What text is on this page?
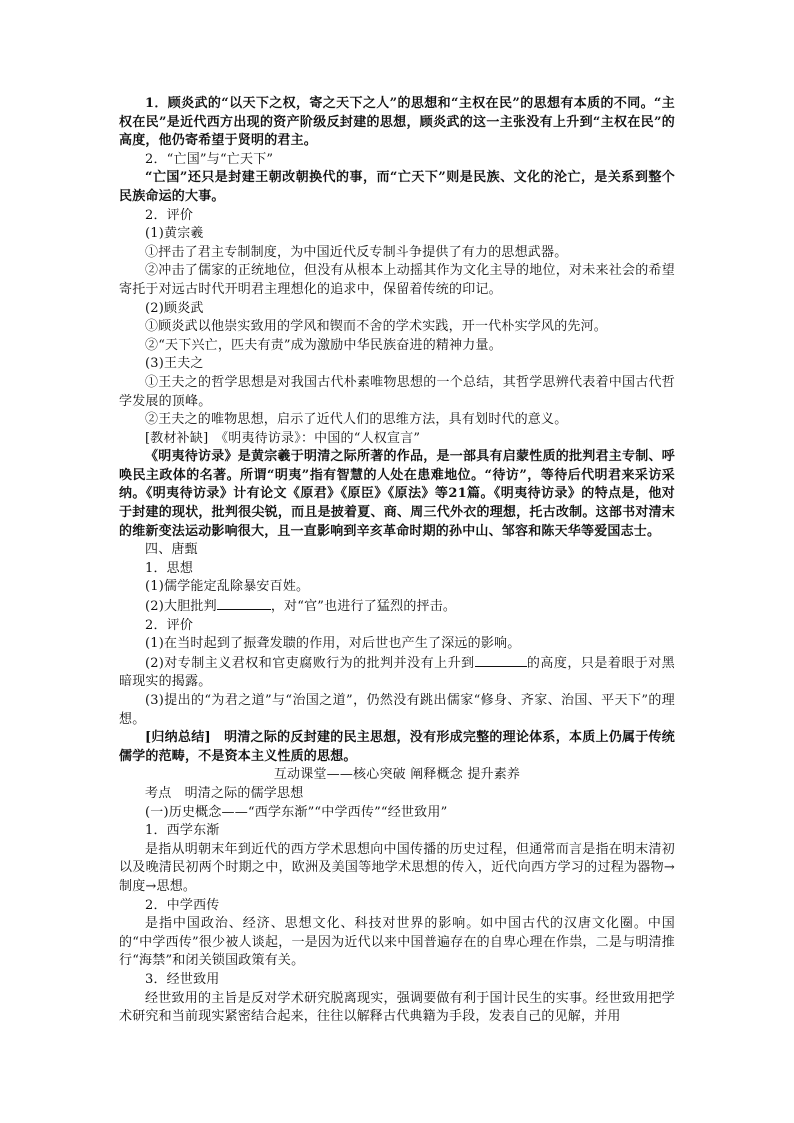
1．顾炎武的“以天下之权，寄之天下之人”的思想和“主权在民”的思想有本质的不同。“主权在民”是近代西方出现的资产阶级反封建的思想，顾炎武的这一主张没有上升到“主权在民”的高度，他仍寄希望于贤明的君主。

2．“亡国”与“亡天下”

“亡国”还只是封建王朝改朝换代的事，而“亡天下”则是民族、文化的沦亡，是关系到整个民族命运的大事。

2．评价

(1)黄宗羲

①抨击了君主专制制度，为中国近代反专制斗争提供了有力的思想武器。

②冲击了儒家的正统地位，但没有从根本上动摇其作为文化主导的地位，对未来社会的希望寄托于对远古时代开明君主理想化的追求中，保留着传统的印记。

(2)顾炎武

①顾炎武以他崇实致用的学风和锲而不舍的学术实践，开一代朴实学风的先河。

②“天下兴亡，匹夫有责”成为激励中华民族奋进的精神力量。

(3)王夫之

①王夫之的哲学思想是对我国古代朴素唯物思想的一个总结，其哲学思辨代表着中国古代哲学发展的顶峰。

②王夫之的唯物思想，启示了近代人们的思维方法，具有划时代的意义。

[教材补缺]　《明夷待访录》：中国的“人权宣言”

《明夷待访录》是黄宗羲于明清之际所著的作品，是一部具有启蒙性质的批判君主专制、呼唤民主政体的名著。所谓“明夷”指有智慧的人处在患难地位。“待访”，等待后代明君来采访采纳。《明夷待访录》计有论文《原君》《原臣》《原法》等21篇。《明夷待访录》的特点是，他对于封建的现状，批判很尖锐，而且是披着夏、商、周三代外衣的理想，托古改制。这部书对清末的维新变法运动影响很大，且一直影响到辛亥革命时期的孙中山、邹容和陈天华等爱国志士。

四、唐甄

1．思想

(1)儒学能定乱除暴安百姓。

(2)大胆批判	，对“官”也进行了猛烈的抨击。

2．评价

(1)在当时起到了振聋发聩的作用，对后世也产生了深远的影响。

(2)对专制主义君权和官吏腐败行为的批判并没有上升到	的高度，只是着眼于对黑暗现实的揭露。

(3)提出的“为君之道”与“治国之道”，仍然没有跳出儒家“修身、齐家、治国、平天下”的理想。

[归纳总结]　明清之际的反封建的民主思想，没有形成完整的理论体系，本质上仍属于传统儒学的范畴，不是资本主义性质的思想。

互动课堂——核心突破 阐释概念 提升素养

考点　明清之际的儒学思想

(一)历史概念——“西学东渐”“中学西传”“经世致用”

1．西学东渐

是指从明朝末年到近代的西方学术思想向中国传播的历史过程，但通常而言是指在明末清初以及晚清民初两个时期之中，欧洲及美国等地学术思想的传入，近代向西方学习的过程为器物→制度→思想。

2．中学西传

是指中国政治、经济、思想文化、科技对世界的影响。如中国古代的汉唐文化圈。中国的“中学西传”很少被人谈起，一是因为近代以来中国普遍存在的自卑心理在作祟，二是与明清推行“海禁”和闭关锁国政策有关。

3．经世致用

经世致用的主旨是反对学术研究脱离现实，强调要做有利于国计民生的实事。经世致用把学术研究和当前现实紧密结合起来，往往以解释古代典籍为手段，发表自己的见解，并用
